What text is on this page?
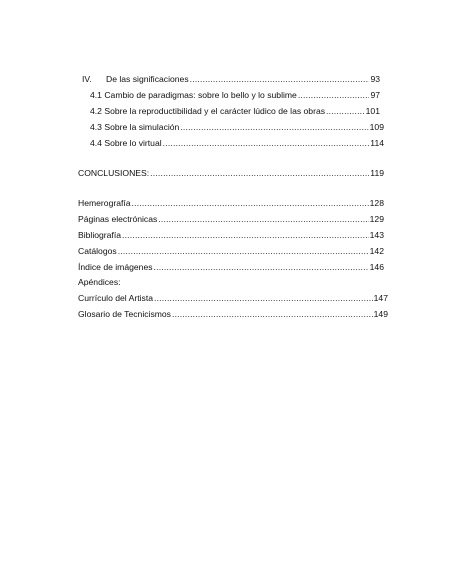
IV. De las significaciones .....	93
4.1 Cambio de paradigmas: sobre lo bello y lo sublime .....	97
4.2 Sobre la reproductibilidad y el carácter lúdico de las obras .....	101
4.3 Sobre la simulación .....	109
4.4 Sobre lo virtual .....	114
CONCLUSIONES: .....	119
Hemerografía .....	128
Páginas electrónicas .....	129
Bibliografía .....	143
Catálogos .....	142
Índice de imágenes .....	146
Apéndices:
Currículo del Artista .....	147
Glosario de Tecnicismos .....	149
